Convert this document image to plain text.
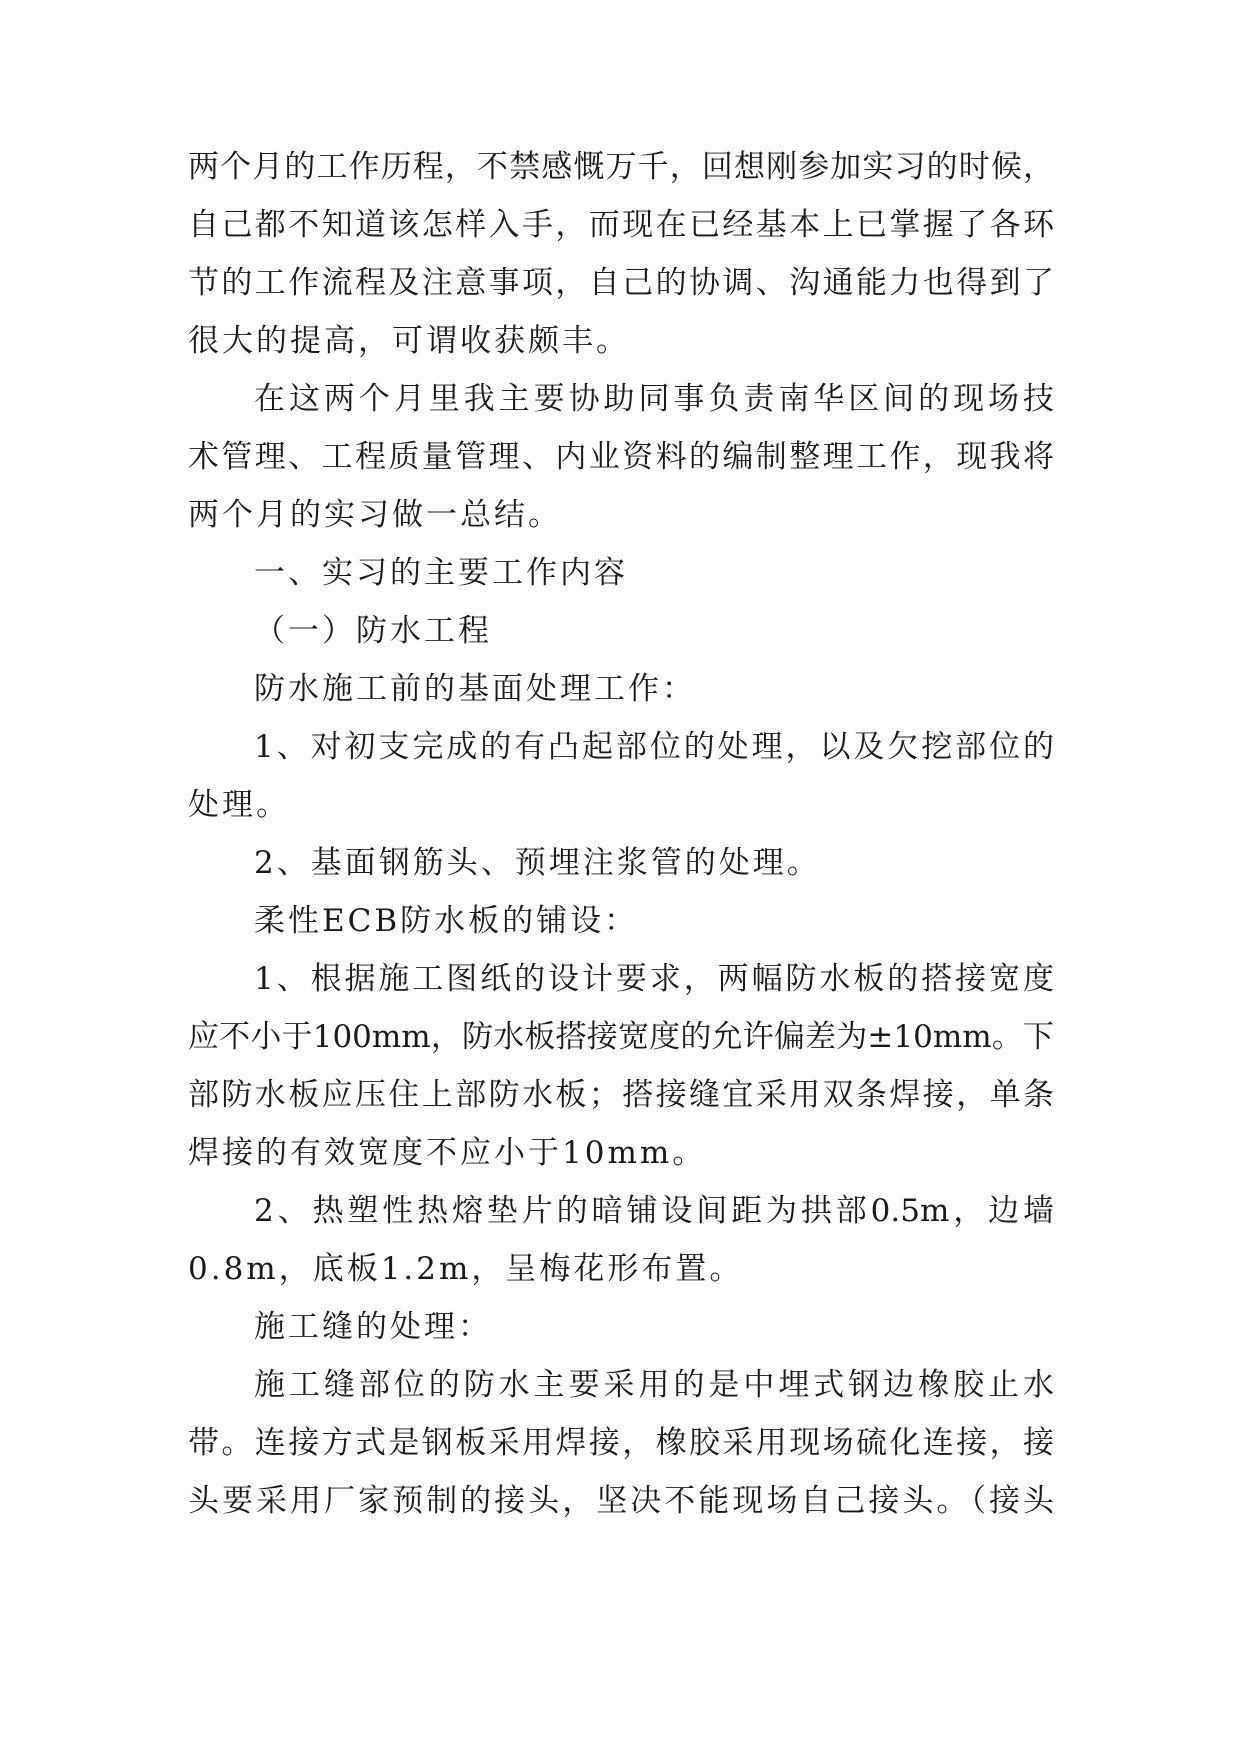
两个月的工作历程，不禁感慨万千，回想刚参加实习的时候，
自己都不知道该怎样入手，而现在已经基本上已掌握了各环
节的工作流程及注意事项，自己的协调、沟通能力也得到了
很大的提高，可谓收获颇丰。
在这两个月里我主要协助同事负责南华区间的现场技
术管理、工程质量管理、内业资料的编制整理工作，现我将
两个月的实习做一总结。
一、实习的主要工作内容
（一）防水工程
防水施工前的基面处理工作：
1、对初支完成的有凸起部位的处理，以及欠挖部位的
处理。
2、基面钢筋头、预埋注浆管的处理。
柔性ECB防水板的铺设：
1、根据施工图纸的设计要求，两幅防水板的搭接宽度
应不小于100mm，防水板搭接宽度的允许偏差为±10mm。下
部防水板应压住上部防水板；搭接缝宜采用双条焊接，单条
焊接的有效宽度不应小于10mm。
2、热塑性热熔垫片的暗铺设间距为拱部0.5m，边墙
0.8m，底板1.2m，呈梅花形布置。
施工缝的处理：
施工缝部位的防水主要采用的是中埋式钢边橡胶止水
带。连接方式是钢板采用焊接，橡胶采用现场硫化连接，接
头要采用厂家预制的接头，坚决不能现场自己接头。（接头
